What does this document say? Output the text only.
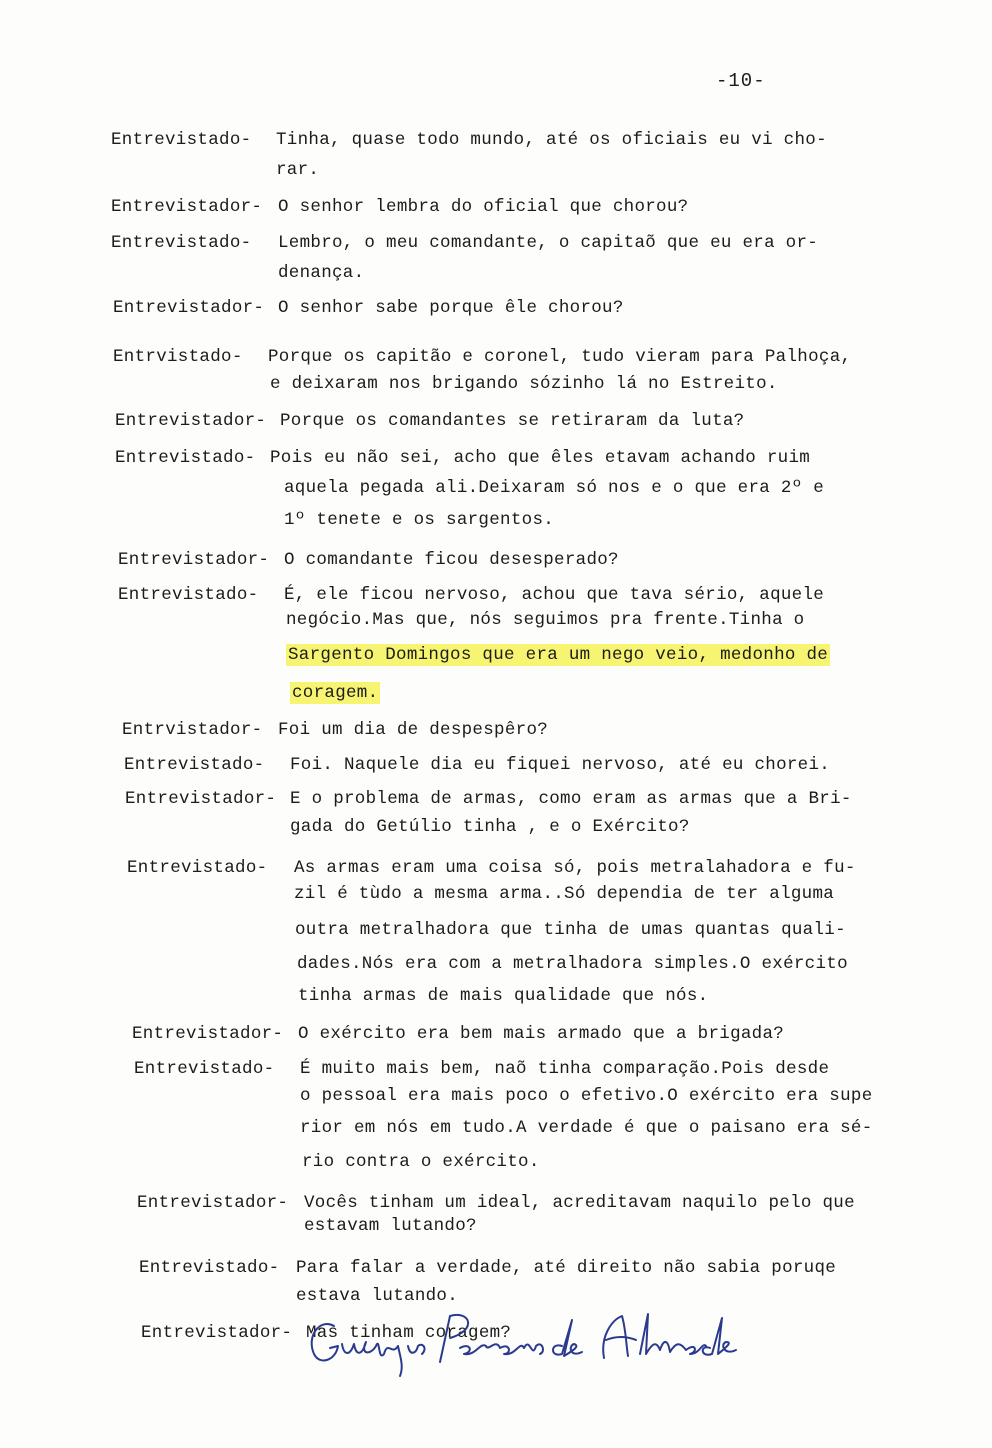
-10-
Entrevistado- Tinha, quase todo mundo, até os oficiais eu vi cho-
rar.
Entrevistador- O senhor lembra do oficial que chorou?
Entrevistado- Lembro, o meu comandante, o capitaõ que eu era or-
denança.
Entrevistador- O senhor sabe porque êle chorou?
Entrvistado- Porque os capitão e coronel, tudo vieram para Palhoça,
e deixaram nos brigando sózinho lá no Estreito.
Entrevistador- Porque os comandantes se retiraram da luta?
Entrevistado- Pois eu não sei, acho que êles etavam achando ruim
aquela pegada ali.Deixaram só nos e o que era 2º e
1º tenete e os sargentos.
Entrevistador- O comandante ficou desesperado?
Entrevistado- É, ele ficou nervoso, achou que tava sério, aquele
negócio.Mas que, nós seguimos pra frente.Tinha o
Sargento Domingos que era um nego veio, medonho de
coragem.
Entrvistador- Foi um dia de despespêro?
Entrevistado- Foi. Naquele dia eu fiquei nervoso, até eu chorei.
Entrevistador- E o problema de armas, como eram as armas que a Bri-
gada do Getúlio tinha , e o Exército?
Entrevistado- As armas eram uma coisa só, pois metralahadora e fu-
zil é tùdo a mesma arma..Só dependia de ter alguma
outra metralhadora que tinha de umas quantas quali-
dades.Nós era com a metralhadora simples.O exército
tinha armas de mais qualidade que nós.
Entrevistador- O exército era bem mais armado que a brigada?
Entrevistado- É muito mais bem, naõ tinha comparação.Pois desde
o pessoal era mais poco o efetivo.O exército era supe
rior em nós em tudo.A verdade é que o paisano era sé-
rio contra o exército.
Entrevistador- Vocês tinham um ideal, acreditavam naquilo pelo que
estavam lutando?
Entrevistado- Para falar a verdade, até direito não sabia poruqe
estava lutando.
Entrevistador- Mas tinham coragem?
